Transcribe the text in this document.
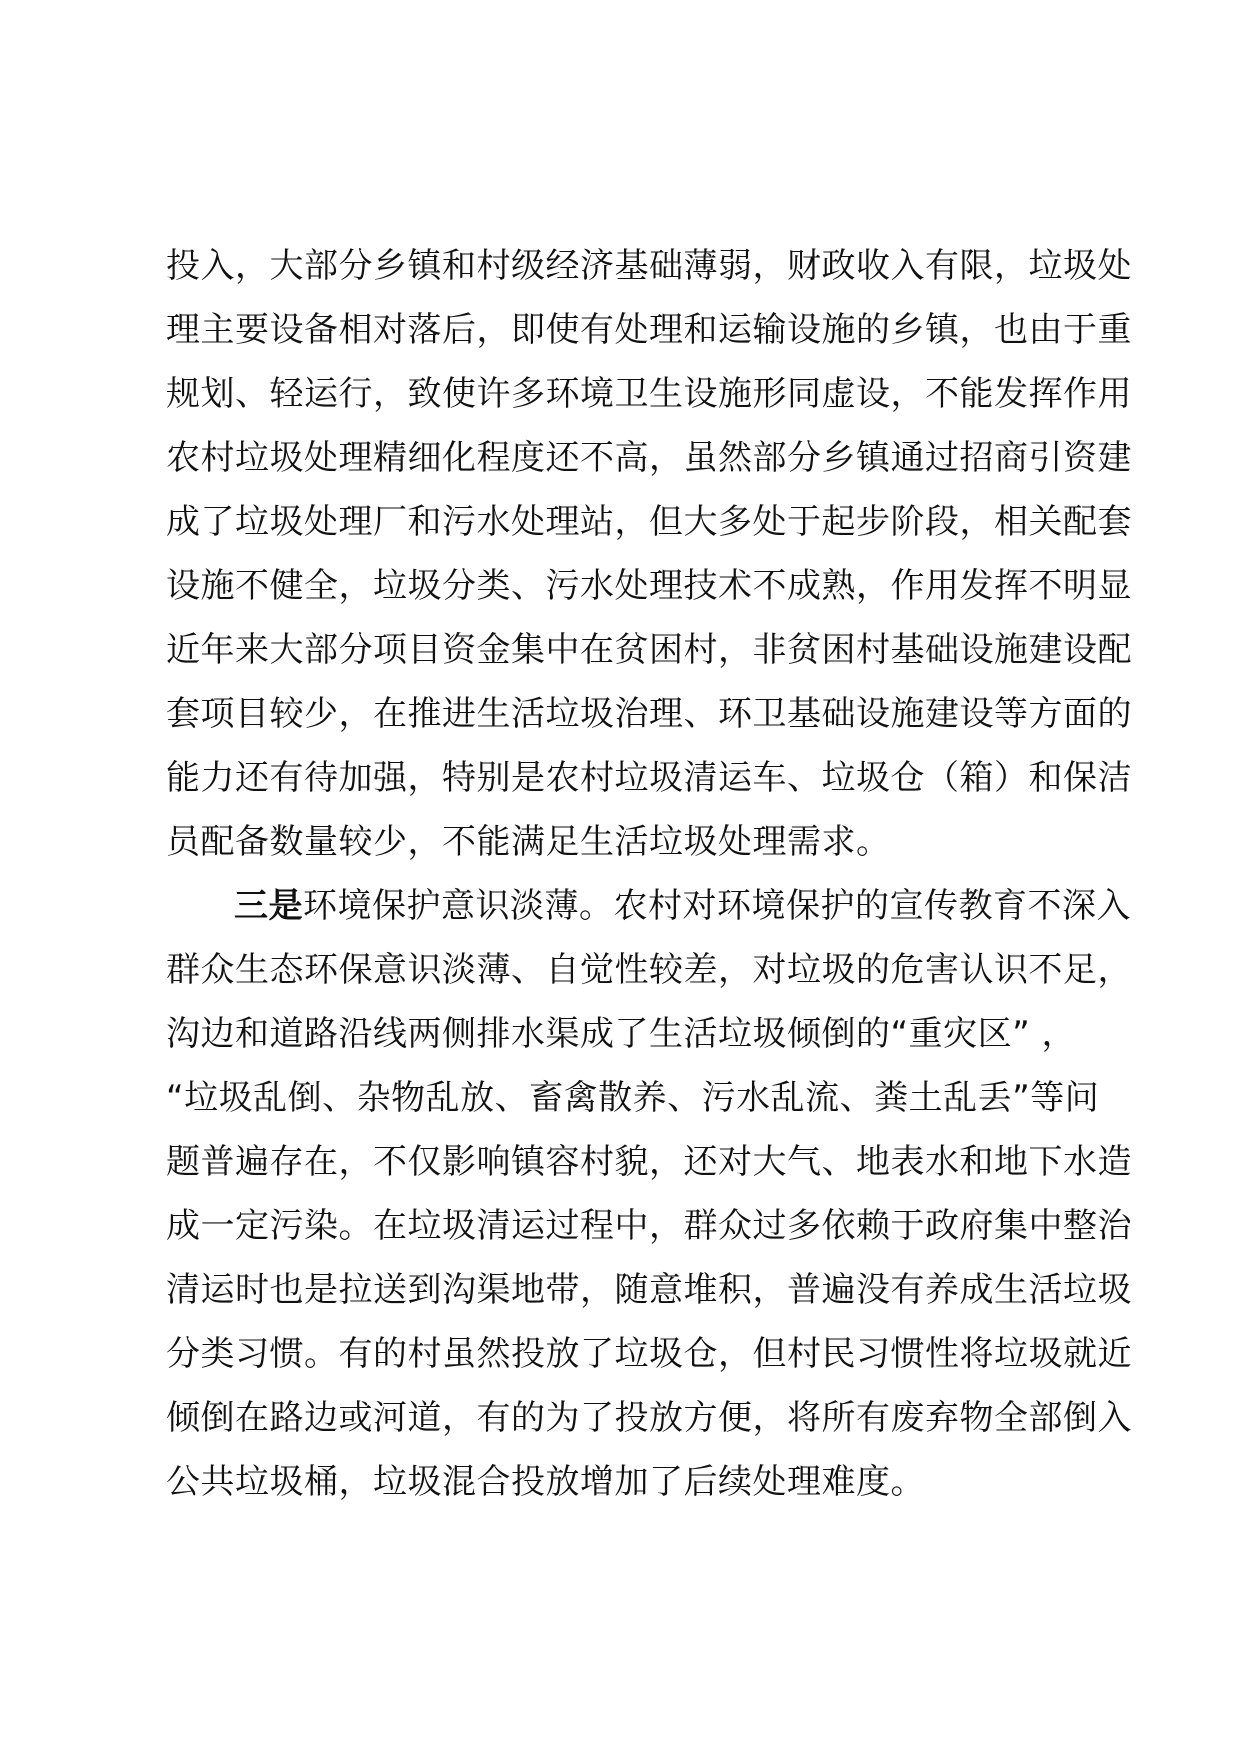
投入，大部分乡镇和村级经济基础薄弱，财政收入有限，垃圾处
理主要设备相对落后，即使有处理和运输设施的乡镇，也由于重
规划、轻运行，致使许多环境卫生设施形同虚设，不能发挥作用
农村垃圾处理精细化程度还不高，虽然部分乡镇通过招商引资建
成了垃圾处理厂和污水处理站，但大多处于起步阶段，相关配套
设施不健全，垃圾分类、污水处理技术不成熟，作用发挥不明显
近年来大部分项目资金集中在贫困村，非贫困村基础设施建设配
套项目较少，在推进生活垃圾治理、环卫基础设施建设等方面的
能力还有待加强，特别是农村垃圾清运车、垃圾仓（箱）和保洁
员配备数量较少，不能满足生活垃圾处理需求。
三是环境保护意识淡薄。农村对环境保护的宣传教育不深入
群众生态环保意识淡薄、自觉性较差，对垃圾的危害认识不足，
沟边和道路沿线两侧排水渠成了生活垃圾倾倒的“重灾区” ，
“垃圾乱倒、杂物乱放、畜禽散养、污水乱流、粪土乱丢”等问
题普遍存在，不仅影响镇容村貌，还对大气、地表水和地下水造
成一定污染。在垃圾清运过程中，群众过多依赖于政府集中整治
清运时也是拉送到沟渠地带，随意堆积，普遍没有养成生活垃圾
分类习惯。有的村虽然投放了垃圾仓，但村民习惯性将垃圾就近
倾倒在路边或河道，有的为了投放方便，将所有废弃物全部倒入
公共垃圾桶，垃圾混合投放增加了后续处理难度。
